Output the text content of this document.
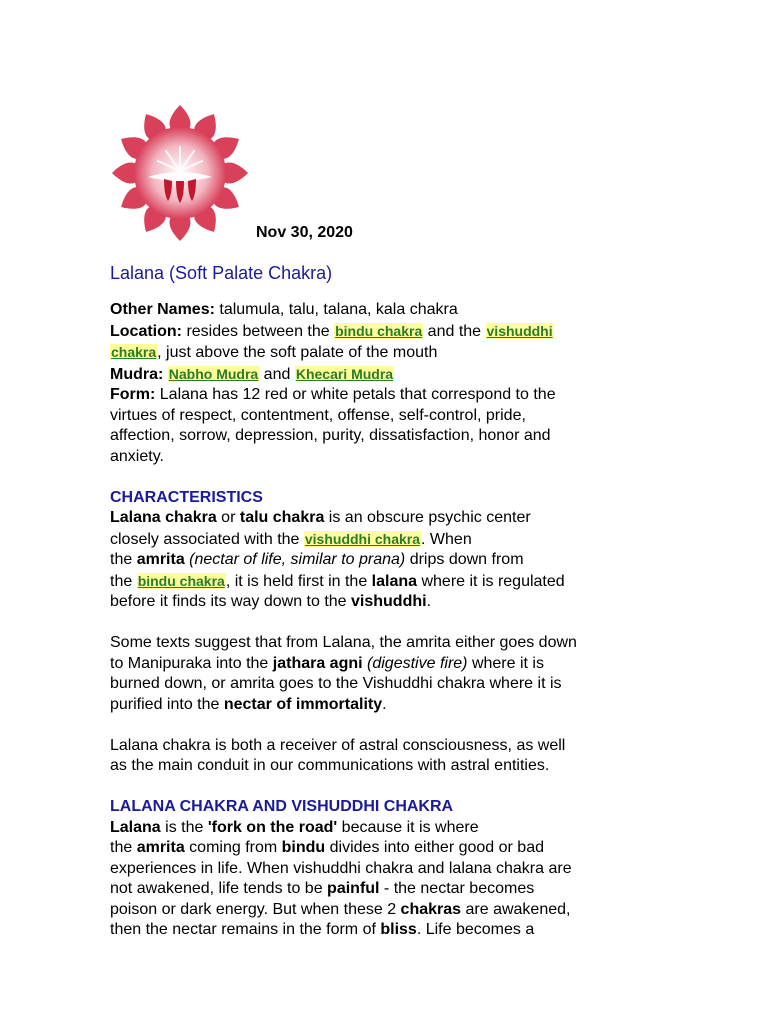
Nov 30, 2020

Lalana (Soft Palate Chakra)

Other Names: talumula, talu, talana, kala chakra

Location: resides between the bindu chakra and the vishuddhi

chakra, just above the soft palate of the mouth

Mudra: Nabho Mudra and Khecari Mudra

Form: Lalana has 12 red or white petals that correspond to the

virtues of respect, contentment, offense, self-control, pride,

affection, sorrow, depression, purity, dissatisfaction, honor and

anxiety.

CHARACTERISTICS

Lalana chakra or talu chakra is an obscure psychic center

closely associated with the vishuddhi chakra. When

the amrita (nectar of life, similar to prana) drips down from

the bindu chakra, it is held first in the lalana where it is regulated

before it finds its way down to the vishuddhi.

Some texts suggest that from Lalana, the amrita either goes down

to Manipuraka into the jathara agni (digestive fire) where it is

burned down, or amrita goes to the Vishuddhi chakra where it is

purified into the nectar of immortality.

Lalana chakra is both a receiver of astral consciousness, as well

as the main conduit in our communications with astral entities.

LALANA CHAKRA AND VISHUDDHI CHAKRA

Lalana is the 'fork on the road' because it is where

the amrita coming from bindu divides into either good or bad

experiences in life. When vishuddhi chakra and lalana chakra are

not awakened, life tends to be painful - the nectar becomes

poison or dark energy. But when these 2 chakras are awakened,

then the nectar remains in the form of bliss. Life becomes a
